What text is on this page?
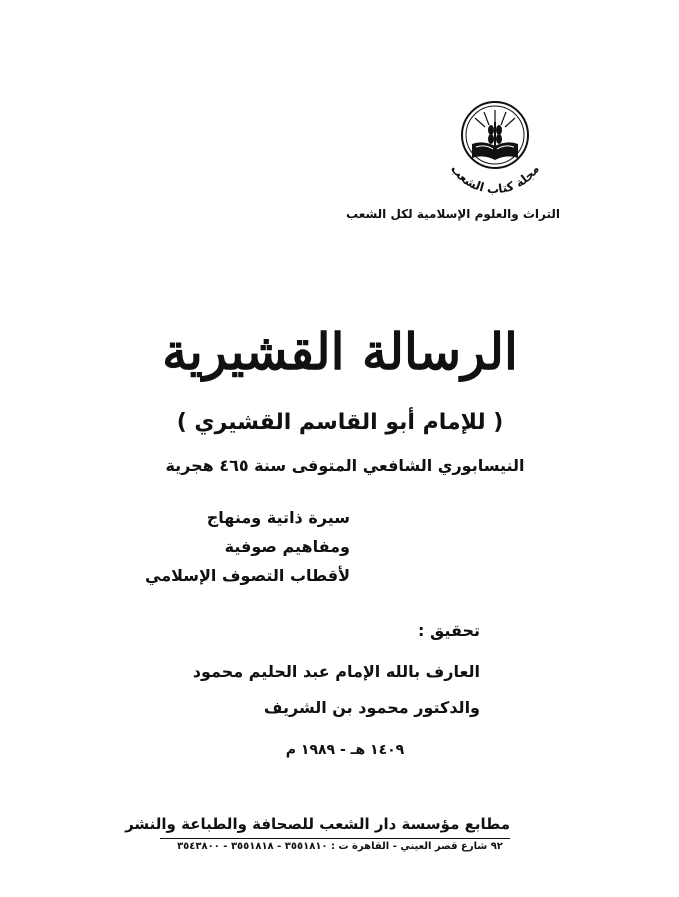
مجلة كتاب الشعب
التراث والعلوم الإسلامية لكل الشعب
الرسالة القشيرية
( للإمام أبو القاسم القشيري )
النيسابوري الشافعي المتوفى سنة ٤٦٥ هجرية
سيرة ذاتية ومنهاج
ومفاهيم صوفية
لأقطاب التصوف الإسلامي
تحقيق :
العارف بالله الإمام عبد الحليم محمود
والدكتور محمود بن الشريف
١٤٠٩ هـ - ١٩٨٩ م
مطابع مؤسسة دار الشعب للصحافة والطباعة والنشر
٩٢ شارع قصر العيني - القاهرة ت : ٣٥٥١٨١٠ - ٣٥٥١٨١٨ - ٣٥٤٣٨٠٠
